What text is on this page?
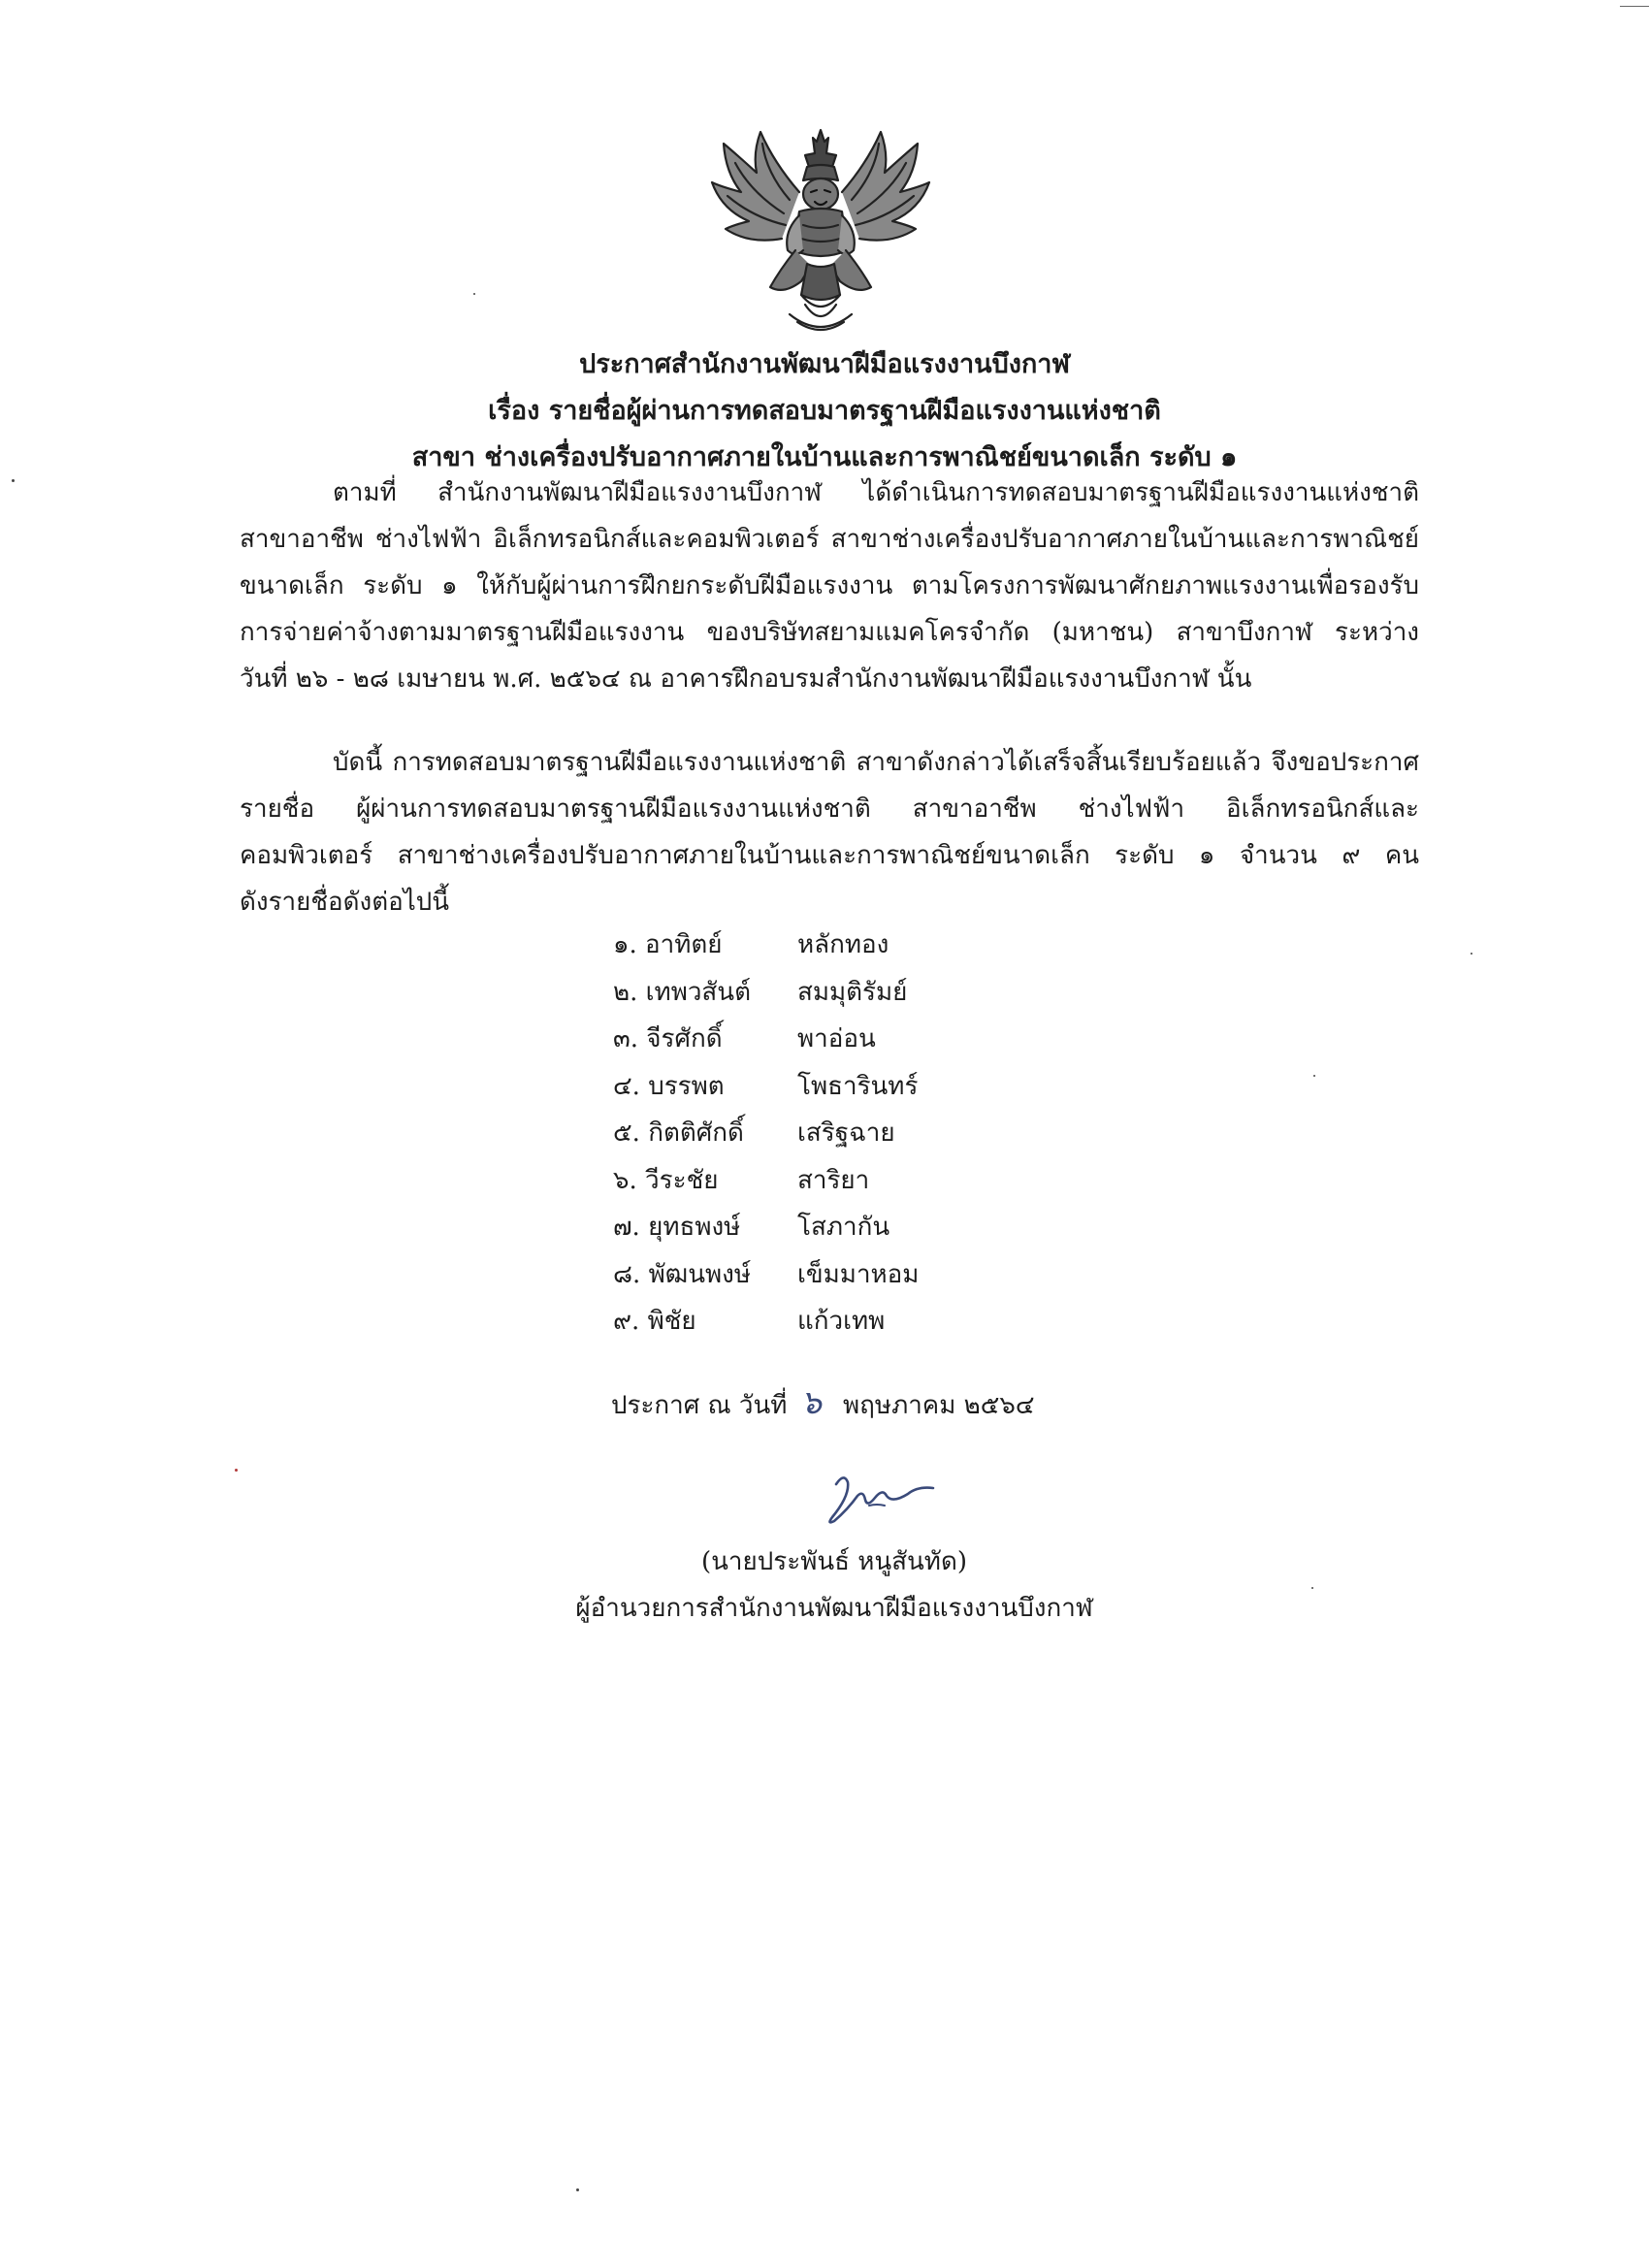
ประกาศสำนักงานพัฒนาฝีมือแรงงานบึงกาฬ
เรื่อง รายชื่อผู้ผ่านการทดสอบมาตรฐานฝีมือแรงงานแห่งชาติ
สาขา ช่างเครื่องปรับอากาศภายในบ้านและการพาณิชย์ขนาดเล็ก ระดับ ๑
ตามที่ สำนักงานพัฒนาฝีมือแรงงานบึงกาฬ ได้ดำเนินการทดสอบมาตรฐานฝีมือแรงงานแห่งชาติ
สาขาอาชีพ ช่างไฟฟ้า อิเล็กทรอนิกส์และคอมพิวเตอร์ สาขาช่างเครื่องปรับอากาศภายในบ้านและการพาณิชย์
ขนาดเล็ก ระดับ ๑ ให้กับผู้ผ่านการฝึกยกระดับฝีมือแรงงาน ตามโครงการพัฒนาศักยภาพแรงงานเพื่อรองรับ
การจ่ายค่าจ้างตามมาตรฐานฝีมือแรงงาน ของบริษัทสยามแมคโครจำกัด (มหาชน) สาขาบึงกาฬ ระหว่าง
วันที่ ๒๖ - ๒๘ เมษายน พ.ศ. ๒๕๖๔ ณ อาคารฝึกอบรมสำนักงานพัฒนาฝีมือแรงงานบึงกาฬ นั้น
บัดนี้ การทดสอบมาตรฐานฝีมือแรงงานแห่งชาติ สาขาดังกล่าวได้เสร็จสิ้นเรียบร้อยแล้ว จึงขอประกาศ
รายชื่อ ผู้ผ่านการทดสอบมาตรฐานฝีมือแรงงานแห่งชาติ สาขาอาชีพ ช่างไฟฟ้า อิเล็กทรอนิกส์และ
คอมพิวเตอร์ สาขาช่างเครื่องปรับอากาศภายในบ้านและการพาณิชย์ขนาดเล็ก ระดับ ๑ จำนวน ๙ คน
ดังรายชื่อดังต่อไปนี้
๑. อาทิตย์	หลักทอง
๒. เทพวสันต์	สมมุติรัมย์
๓. จีรศักดิ์	พาอ่อน
๔. บรรพต	โพธารินทร์
๕. กิตติศักดิ์	เสริฐฉาย
๖. วีระชัย	สาริยา
๗. ยุทธพงษ์	โสภากัน
๘. พัฒนพงษ์	เข็มมาหอม
๙. พิชัย	แก้วเทพ
ประกาศ ณ วันที่ ๖ พฤษภาคม ๒๕๖๔
(นายประพันธ์ หนูสันทัด)
ผู้อำนวยการสำนักงานพัฒนาฝีมือแรงงานบึงกาฬ
